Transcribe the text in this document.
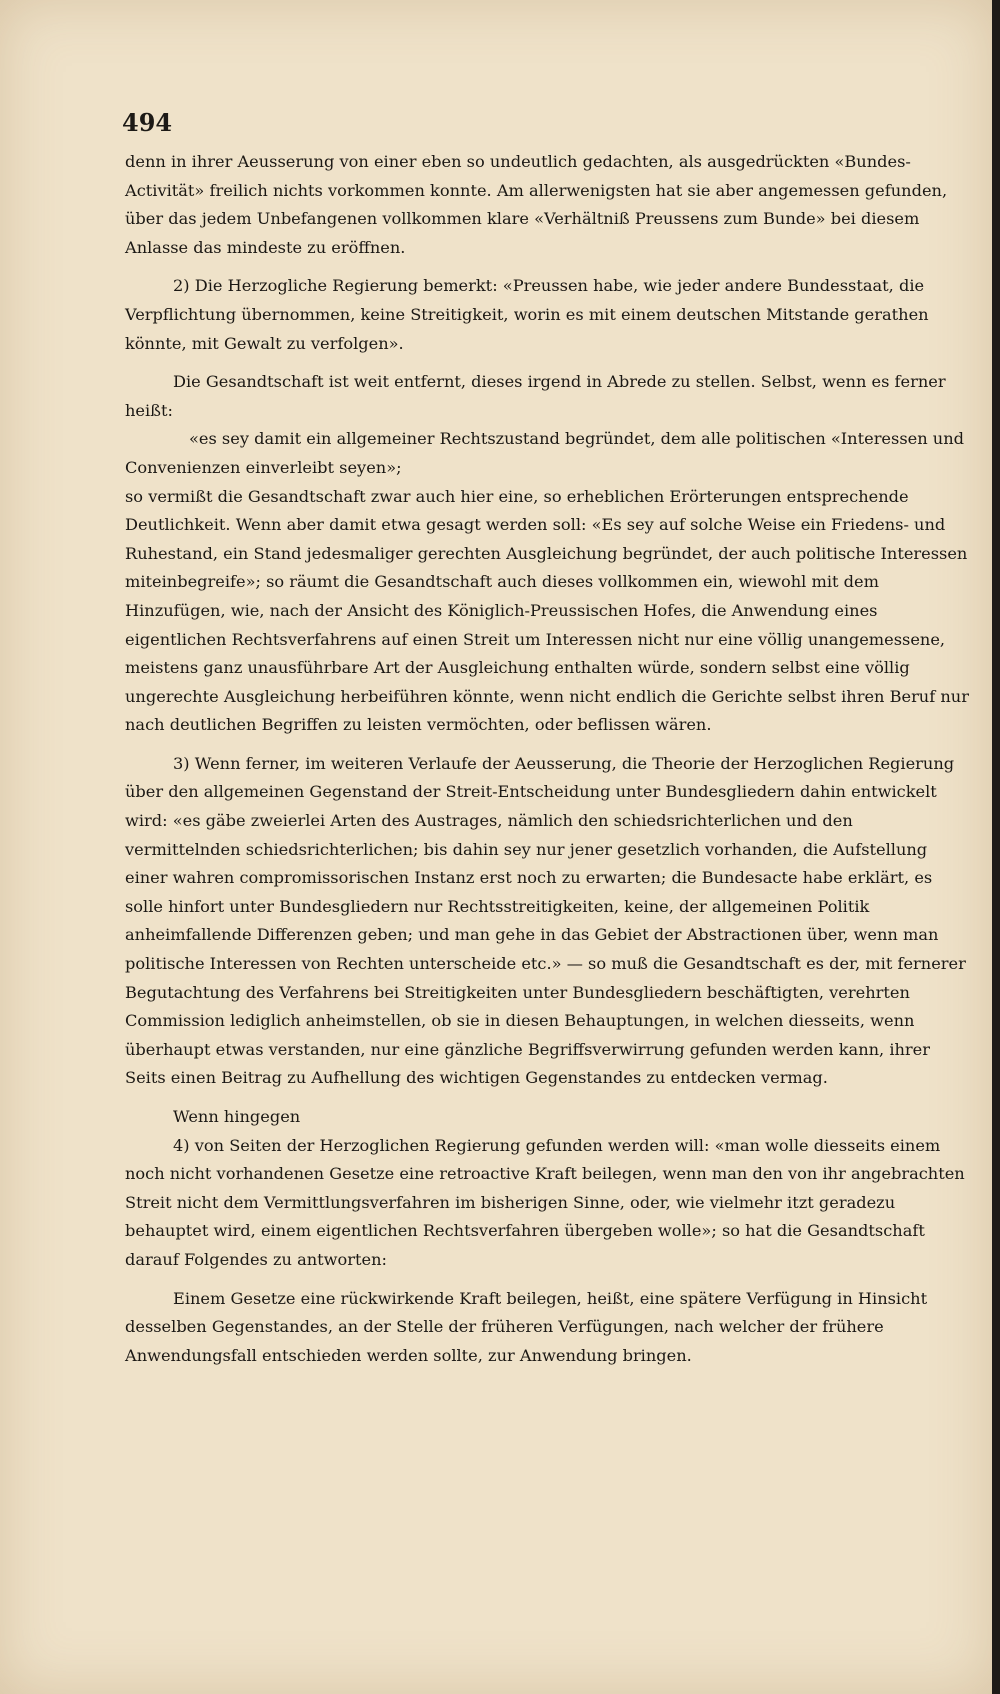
494

denn in ihrer Aeusserung von einer eben so undeutlich gedachten, als ausgedrückten «Bundes-Activität» freilich nichts vorkommen konnte. Am allerwenigsten hat sie aber angemessen gefunden, über das jedem Unbefangenen vollkommen klare «Verhältniß Preussens zum Bunde» bei diesem Anlasse das mindeste zu eröffnen.

2) Die Herzogliche Regierung bemerkt: «Preussen habe, wie jeder andere Bundesstaat, die Verpflichtung übernommen, keine Streitigkeit, worin es mit einem deutschen Mitstande gerathen könnte, mit Gewalt zu verfolgen».

Die Gesandtschaft ist weit entfernt, dieses irgend in Abrede zu stellen. Selbst, wenn es ferner heißt:

«es sey damit ein allgemeiner Rechtszustand begründet, dem alle politischen «Interessen und Convenienzen einverleibt seyen»;

so vermißt die Gesandtschaft zwar auch hier eine, so erheblichen Erörterungen entsprechende Deutlichkeit. Wenn aber damit etwa gesagt werden soll: «Es sey auf solche Weise ein Friedens- und Ruhestand, ein Stand jedesmaliger gerechten Ausgleichung begründet, der auch politische Interessen miteinbegreife»; so räumt die Gesandtschaft auch dieses vollkommen ein, wiewohl mit dem Hinzufügen, wie, nach der Ansicht des Königlich-Preussischen Hofes, die Anwendung eines eigentlichen Rechtsverfahrens auf einen Streit um Interessen nicht nur eine völlig unangemessene, meistens ganz unausführbare Art der Ausgleichung enthalten würde, sondern selbst eine völlig ungerechte Ausgleichung herbeiführen könnte, wenn nicht endlich die Gerichte selbst ihren Beruf nur nach deutlichen Begriffen zu leisten vermöchten, oder beflissen wären.

3) Wenn ferner, im weiteren Verlaufe der Aeusserung, die Theorie der Herzoglichen Regierung über den allgemeinen Gegenstand der Streit-Entscheidung unter Bundesgliedern dahin entwickelt wird: «es gäbe zweierlei Arten des Austrages, nämlich den schiedsrichterlichen und den vermittelnden schiedsrichterlichen; bis dahin sey nur jener gesetzlich vorhanden, die Aufstellung einer wahren compromissorischen Instanz erst noch zu erwarten; die Bundesacte habe erklärt, es solle hinfort unter Bundesgliedern nur Rechtsstreitigkeiten, keine, der allgemeinen Politik anheimfallende Differenzen geben; und man gehe in das Gebiet der Abstractionen über, wenn man politische Interessen von Rechten unterscheide etc.» — so muß die Gesandtschaft es der, mit fernerer Begutachtung des Verfahrens bei Streitigkeiten unter Bundesgliedern beschäftigten, verehrten Commission lediglich anheimstellen, ob sie in diesen Behauptungen, in welchen diesseits, wenn überhaupt etwas verstanden, nur eine gänzliche Begriffsverwirrung gefunden werden kann, ihrer Seits einen Beitrag zu Aufhellung des wichtigen Gegenstandes zu entdecken vermag.

Wenn hingegen

4) von Seiten der Herzoglichen Regierung gefunden werden will: «man wolle diesseits einem noch nicht vorhandenen Gesetze eine retroactive Kraft beilegen, wenn man den von ihr angebrachten Streit nicht dem Vermittlungsverfahren im bisherigen Sinne, oder, wie vielmehr itzt geradezu behauptet wird, einem eigentlichen Rechtsverfahren übergeben wolle»; so hat die Gesandtschaft darauf Folgendes zu antworten:

Einem Gesetze eine rückwirkende Kraft beilegen, heißt, eine spätere Verfügung in Hinsicht desselben Gegenstandes, an der Stelle der früheren Verfügungen, nach welcher der frühere Anwendungsfall entschieden werden sollte, zur Anwendung bringen.
